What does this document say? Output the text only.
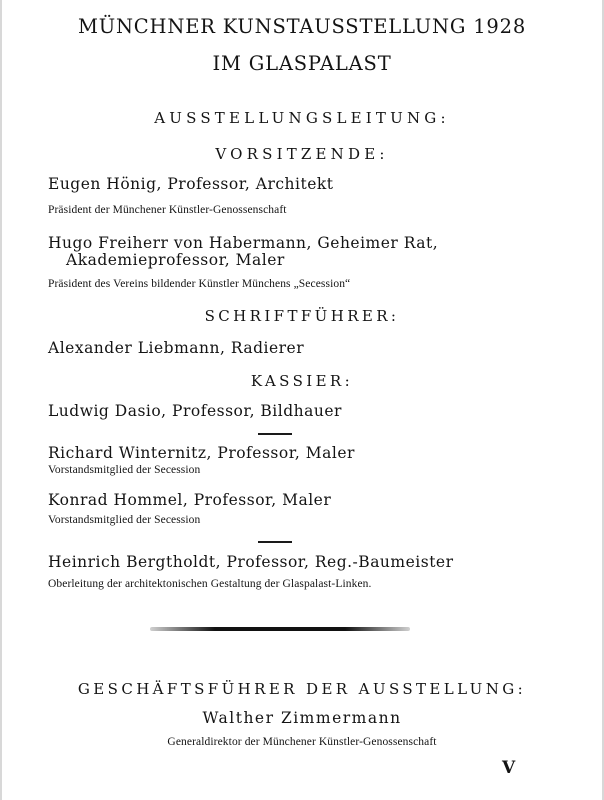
MÜNCHNER KUNSTAUSSTELLUNG 1928
IM GLASPALAST
AUSSTELLUNGSLEITUNG:
VORSITZENDE:
Eugen Hönig, Professor, Architekt
Präsident der Münchener Künstler-Genossenschaft
Hugo Freiherr von Habermann, Geheimer Rat,
Akademieprofessor, Maler
Präsident des Vereins bildender Künstler Münchens „Secession“
SCHRIFTFÜHRER:
Alexander Liebmann, Radierer
KASSIER:
Ludwig Dasio, Professor, Bildhauer
Richard Winternitz, Professor, Maler
Vorstandsmitglied der Secession
Konrad Hommel, Professor, Maler
Vorstandsmitglied der Secession
Heinrich Bergtholdt, Professor, Reg.-Baumeister
Oberleitung der architektonischen Gestaltung der Glaspalast-Linken.
GESCHÄFTSFÜHRER DER AUSSTELLUNG:
Walther Zimmermann
Generaldirektor der Münchener Künstler-Genossenschaft
V
